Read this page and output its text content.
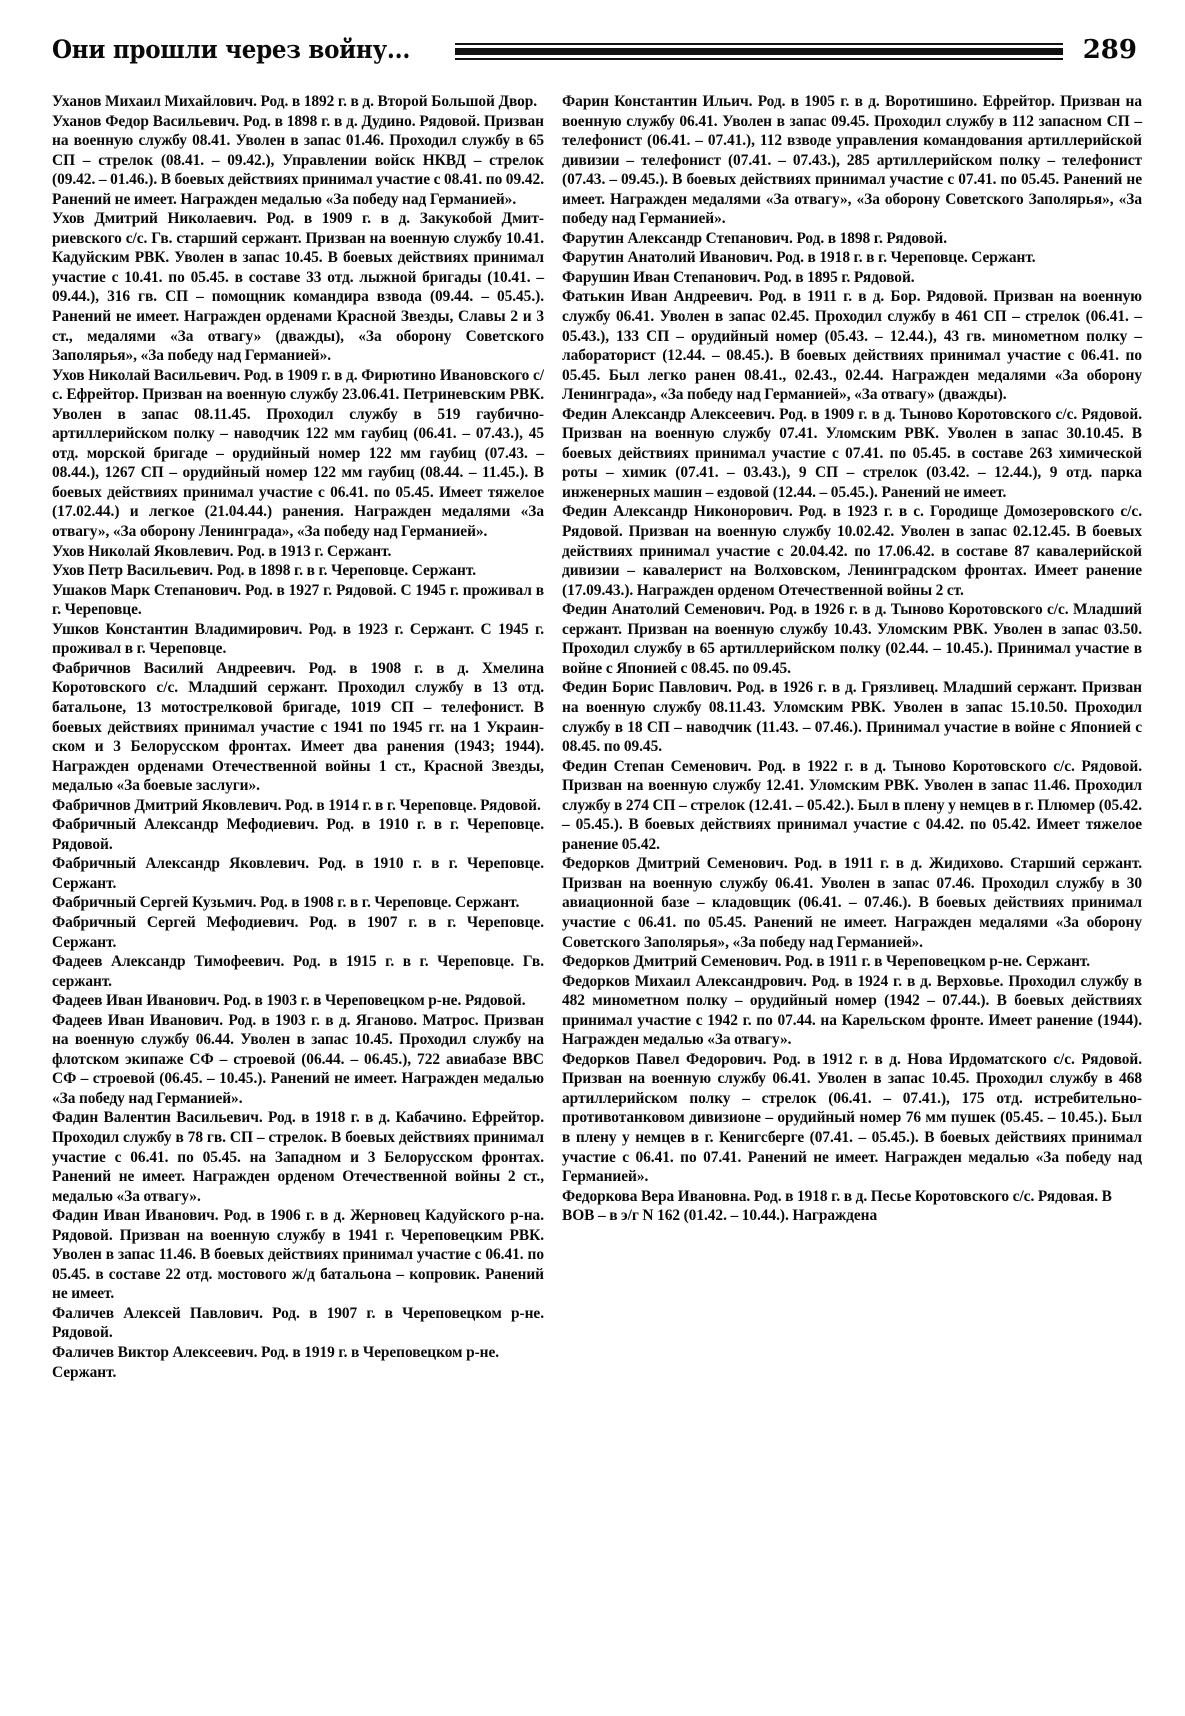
Они прошли через войну...	289

Уханов Михаил Михайлович. Род. в 1892 г. в д. Второй Большой Двор.

Уханов Федор Васильевич. Род. в 1898 г. в д. Дудино. Рядовой. Призван на военную службу 08.41. Уволен в запас 01.46. Проходил службу в 65 СП – стрелок (08.41. – 09.42.), Управлении войск НКВД – стрелок (09.42. – 01.46.). В боевых действиях принимал участие с 08.41. по 09.42. Ранений не имеет. Награжден медалью «За победу над Германией».

Ухов Дмитрий Николаевич. Род. в 1909 г. в д. Закукобой Дмитриевского с/с. Гв. старший сержант. Призван на военную службу 10.41. Кадуйским РВК. Уволен в запас 10.45. В боевых действиях принимал участие с 10.41. по 05.45. в составе 33 отд. лыжной бригады (10.41. – 09.44.), 316 гв. СП – помощник командира взвода (09.44. – 05.45.). Ранений не имеет. Награжден орденами Красной Звезды, Славы 2 и 3 ст., медалями «За отвагу» (дважды), «За оборону Советского Заполярья», «За победу над Германией».

Ухов Николай Васильевич. Род. в 1909 г. в д. Фирютино Ивановского с/с. Ефрейтор. Призван на военную службу 23.06.41. Петриневским РВК. Уволен в запас 08.11.45. Проходил службу в 519 гаубично-артиллерийском полку – наводчик 122 мм гаубиц (06.41. – 07.43.), 45 отд. морской бригаде – орудийный номер 122 мм гаубиц (07.43. – 08.44.), 1267 СП – орудийный номер 122 мм гаубиц (08.44. – 11.45.). В боевых действиях принимал участие с 06.41. по 05.45. Имеет тяжелое (17.02.44.) и легкое (21.04.44.) ранения. Награжден медалями «За отвагу», «За оборону Ленинграда», «За победу над Германией».

Ухов Николай Яковлевич. Род. в 1913 г. Сержант.

Ухов Петр Васильевич. Род. в 1898 г. в г. Череповце. Сержант.

Ушаков Марк Степанович. Род. в 1927 г. Рядовой. С 1945 г. проживал в г. Череповце.

Ушков Константин Владимирович. Род. в 1923 г. Сержант. С 1945 г. проживал в г. Череповце.

Фабричнов Василий Андреевич. Род. в 1908 г. в д. Хмелина Коротовского с/с. Младший сержант. Проходил службу в 13 отд. батальоне, 13 мотострелковой бригаде, 1019 СП – телефонист. В боевых действиях принимал участие с 1941 по 1945 гг. на 1 Украинском и 3 Белорусском фронтах. Имеет два ранения (1943; 1944). Награжден орденами Отечественной войны 1 ст., Красной Звезды, медалью «За боевые заслуги».

Фабричнов Дмитрий Яковлевич. Род. в 1914 г. в г. Череповце. Рядовой.

Фабричный Александр Мефодиевич. Род. в 1910 г. в г. Череповце. Рядовой.

Фабричный Александр Яковлевич. Род. в 1910 г. в г. Череповце. Сержант.

Фабричный Сергей Кузьмич. Род. в 1908 г. в г. Череповце. Сержант.

Фабричный Сергей Мефодиевич. Род. в 1907 г. в г. Череповце. Сержант.

Фадеев Александр Тимофеевич. Род. в 1915 г. в г. Череповце. Гв. сержант.

Фадеев Иван Иванович. Род. в 1903 г. в Череповецком р-не. Рядовой.

Фадеев Иван Иванович. Род. в 1903 г. в д. Яганово. Матрос. Призван на военную службу 06.44. Уволен в запас 10.45. Проходил службу на флотском экипаже СФ – строевой (06.44. – 06.45.), 722 авиабазе ВВС СФ – строевой (06.45. – 10.45.). Ранений не имеет. Награжден медалью «За победу над Германией».

Фадин Валентин Васильевич. Род. в 1918 г. в д. Кабачино. Ефрейтор. Проходил службу в 78 гв. СП – стрелок. В боевых действиях принимал участие с 06.41. по 05.45. на Западном и 3 Белорусском фронтах. Ранений не имеет. Награжден орденом Отечественной войны 2 ст., медалью «За отвагу».

Фадин Иван Иванович. Род. в 1906 г. в д. Жерновец Кадуйского р-на. Рядовой. Призван на военную службу в 1941 г. Череповецким РВК. Уволен в запас 11.46. В боевых действиях принимал участие с 06.41. по 05.45. в составе 22 отд. мостового ж/д батальона – копровик. Ранений не имеет.

Фаличев Алексей Павлович. Род. в 1907 г. в Череповецком р-не. Рядовой.

Фаличев Виктор Алексеевич. Род. в 1919 г. в Череповецком р-не. Сержант.

Фарин Константин Ильич. Род. в 1905 г. в д. Воротишино. Ефрейтор. Призван на военную службу 06.41. Уволен в запас 09.45. Проходил службу в 112 запасном СП – телефонист (06.41. – 07.41.), 112 взводе управления командования артиллерийской дивизии – телефонист (07.41. – 07.43.), 285 артиллерийском полку – телефонист (07.43. – 09.45.). В боевых действиях принимал участие с 07.41. по 05.45. Ранений не имеет. Награжден медалями «За отвагу», «За оборону Советского Заполярья», «За победу над Германией».

Фарутин Александр Степанович. Род. в 1898 г. Рядовой.

Фарутин Анатолий Иванович. Род. в 1918 г. в г. Череповце. Сержант.

Фарушин Иван Степанович. Род. в 1895 г. Рядовой.

Фатькин Иван Андреевич. Род. в 1911 г. в д. Бор. Рядовой. Призван на военную службу 06.41. Уволен в запас 02.45. Проходил службу в 461 СП – стрелок (06.41. – 05.43.), 133 СП – орудийный номер (05.43. – 12.44.), 43 гв. минометном полку – лабораторист (12.44. – 08.45.). В боевых действиях принимал участие с 06.41. по 05.45. Был легко ранен 08.41., 02.43., 02.44. Награжден медалями «За оборону Ленинграда», «За победу над Германией», «За отвагу» (дважды).

Федин Александр Алексеевич. Род. в 1909 г. в д. Тыново Коротовского с/с. Рядовой. Призван на военную службу 07.41. Уломским РВК. Уволен в запас 30.10.45. В боевых действиях принимал участие с 07.41. по 05.45. в составе 263 химической роты – химик (07.41. – 03.43.), 9 СП – стрелок (03.42. – 12.44.), 9 отд. парка инженерных машин – ездовой (12.44. – 05.45.). Ранений не имеет.

Федин Александр Никонорович. Род. в 1923 г. в с. Городище Домозеровского с/с. Рядовой. Призван на военную службу 10.02.42. Уволен в запас 02.12.45. В боевых действиях принимал участие с 20.04.42. по 17.06.42. в составе 87 кавалерийской дивизии – кавалерист на Волховском, Ленинградском фронтах. Имеет ранение (17.09.43.). Награжден орденом Отечественной войны 2 ст.

Федин Анатолий Семенович. Род. в 1926 г. в д. Тыново Коротовского с/с. Младший сержант. Призван на военную службу 10.43. Уломским РВК. Уволен в запас 03.50. Проходил службу в 65 артиллерийском полку (02.44. – 10.45.). Принимал участие в войне с Японией с 08.45. по 09.45.

Федин Борис Павлович. Род. в 1926 г. в д. Грязливец. Младший сержант. Призван на военную службу 08.11.43. Уломским РВК. Уволен в запас 15.10.50. Проходил службу в 18 СП – наводчик (11.43. – 07.46.). Принимал участие в войне с Японией с 08.45. по 09.45.

Федин Степан Семенович. Род. в 1922 г. в д. Тыново Коротовского с/с. Рядовой. Призван на военную службу 12.41. Уломским РВК. Уволен в запас 11.46. Проходил службу в 274 СП – стрелок (12.41. – 05.42.). Был в плену у немцев в г. Плюмер (05.42. – 05.45.). В боевых действиях принимал участие с 04.42. по 05.42. Имеет тяжелое ранение 05.42.

Федорков Дмитрий Семенович. Род. в 1911 г. в д. Жидихово. Старший сержант. Призван на военную службу 06.41. Уволен в запас 07.46. Проходил службу в 30 авиационной базе – кладовщик (06.41. – 07.46.). В боевых действиях принимал участие с 06.41. по 05.45. Ранений не имеет. Награжден медалями «За оборону Советского Заполярья», «За победу над Германией».

Федорков Дмитрий Семенович. Род. в 1911 г. в Череповецком р-не. Сержант.

Федорков Михаил Александрович. Род. в 1924 г. в д. Верховье. Проходил службу в 482 минометном полку – орудийный номер (1942 – 07.44.). В боевых действиях принимал участие с 1942 г. по 07.44. на Карельском фронте. Имеет ранение (1944). Награжден медалью «За отвагу».

Федорков Павел Федорович. Род. в 1912 г. в д. Нова Ирдоматского с/с. Рядовой. Призван на военную службу 06.41. Уволен в запас 10.45. Проходил службу в 468 артиллерийском полку – стрелок (06.41. – 07.41.), 175 отд. истребительно-противотанковом дивизионе – орудийный номер 76 мм пушек (05.45. – 10.45.). Был в плену у немцев в г. Кенигсберге (07.41. – 05.45.). В боевых действиях принимал участие с 06.41. по 07.41. Ранений не имеет. Награжден медалью «За победу над Германией».

Федоркова Вера Ивановна. Род. в 1918 г. в д. Песье Коротовского с/с. Рядовая. В ВОВ – в э/г N 162 (01.42. – 10.44.). Награждена
